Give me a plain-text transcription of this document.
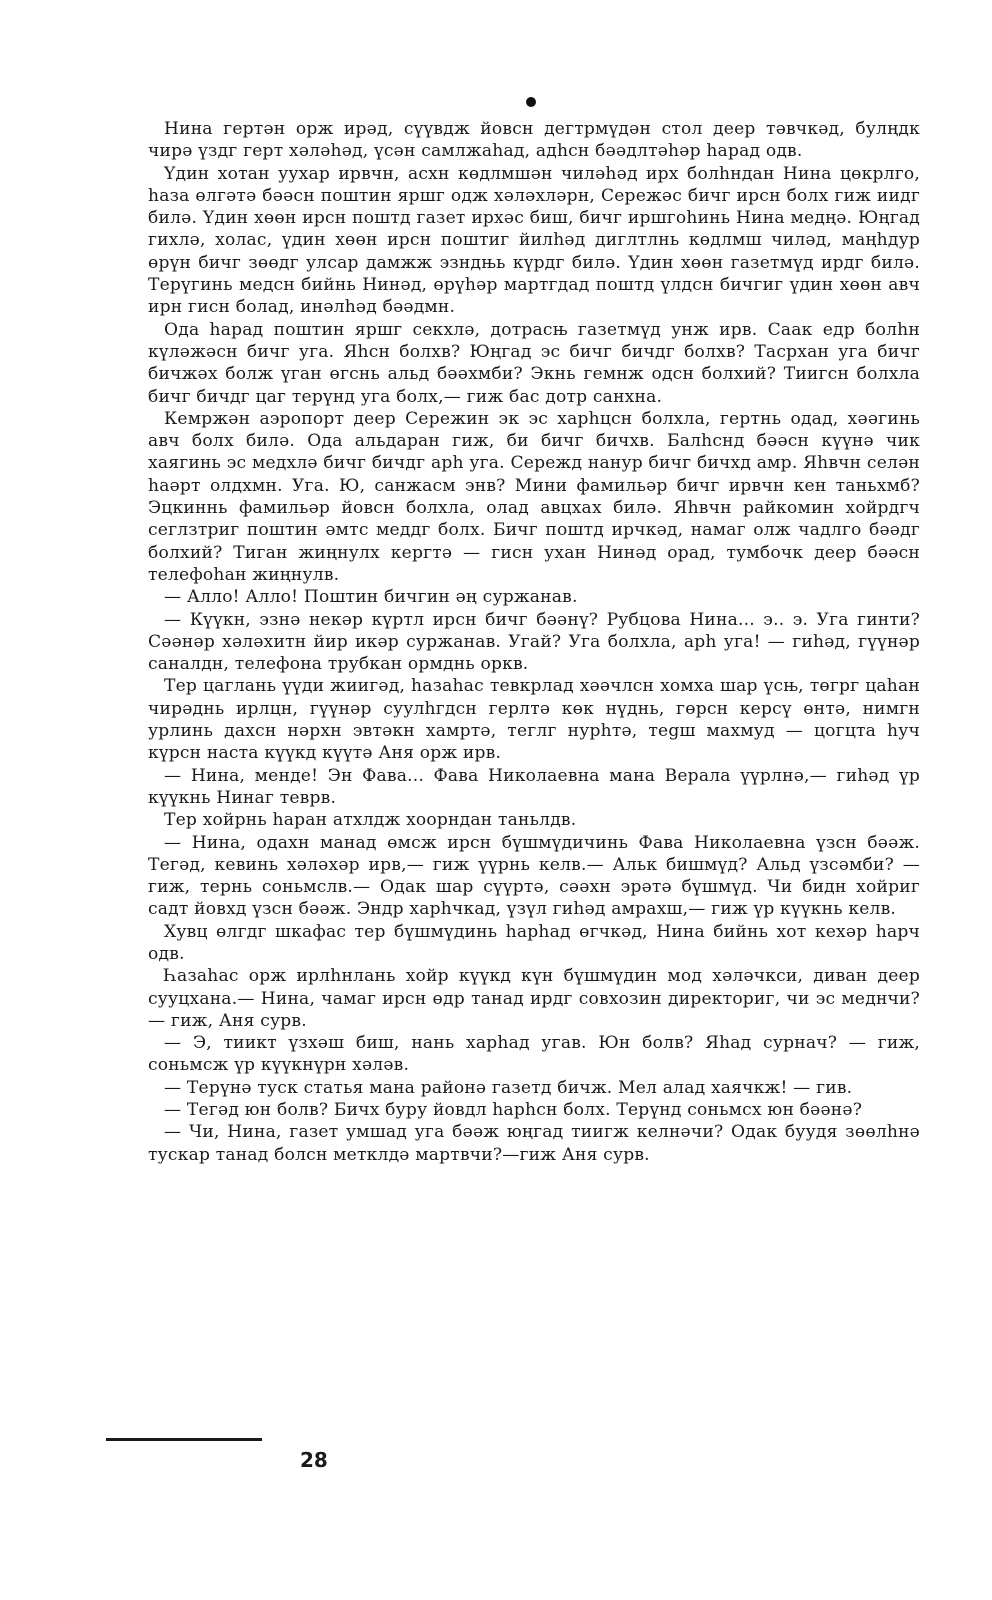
Нина гертән орж ирәд, сүүвдж йовсн дегтрмүдән стол деер тәвчкәд, булңдк чирә үздг герт хәләһәд, үсән самлжаһад, адһсн бәәдлтәһәр һарад одв.

Үдин хотан уухар ирвчн, асхн көдлмшән чиләһәд ирх болһндан Нина цөкрлго, һаза өлгәтә бәәсн поштин яршг одж хәләхләрн, Сережәс бичг ирсн болх гиж иидг билә. Үдин хөөн ирсн поштд газет ирхәс биш, бичг иршгоһинь Нина медңә. Юңгад гихлә, холас, үдин хөөн ирсн поштиг йилһәд диглтлнь көдлмш чиләд, маңһдур өрүн бичг зөөдг улсар дамжж эзндњь күрдг билә. Үдин хөөн газетмүд ирдг билә. Терүгинь медсн бийнь Нинәд, өрүһәр мартгдад поштд үлдсн бичгиг үдин хөөн авч ирн гисн болад, инәлһәд бәәдмн.

Ода һарад поштин яршг секхлә, дотрасњ газетмүд унж ирв. Саак едр болһн күләжәсн бичг уга. Яһсн болхв? Юңгад эс бичг бичдг болхв? Тасрхан уга бичг бичжәх болж үган өгснь альд бәәхмби? Экнь гемнж одсн болхий? Тиигсн болхла бичг бичдг цаг терүнд уга болх,— гиж бас дотр санхна.

Кемржән аэропорт деер Сережин эк эс харһцсн болхла, гертнь одад, хәәгинь авч болх билә. Ода альдаран гиж, би бичг бичхв. Балһснд бәәсн күүнә чик хаягинь эс медхлә бичг бичдг арһ уга. Сережд нанур бичг бичхд амр. Яһвчн селән һаәрт олдхмн. Уга. Ю, санжасм энв? Мини фамильәр бичг ирвчн кен таньхмб? Эцкиннь фамильәр йовсн болхла, олад авцхах билә. Яһвчн райкомин хойрдгч сеглзтриг поштин әмтс меддг болх. Бичг поштд ирчкәд, намаг олж чадлго бәәдг болхий? Тиган жиңнулх кергтә — гисн ухан Нинәд орад, тумбочк деер бәәсн телефоһан жиңнулв.

— Алло! Алло! Поштин бичгин әң суржанав.

— Күүкн, эзнә некәр күртл ирсн бичг бәәнү? Рубцова Нина... э.. э. Уга гинти? Сәәнәр хәләхитн йир икәр суржанав. Угай? Уга болхла, арһ уга! — гиһәд, гүүнәр саналдн, телефона трубкан ормднь оркв.

Тер цаглань үүди жиигәд, һазаһас тевкрлад хәәчлсн хомха шар үсњ, төгрг цаһан чирәднь ирлцн, гүүнәр суулһгдсн герлтә көк нүднь, гөрсн керсү өнтә, нимгн урлинь дахсн нәрхн эвтәкн хамртә, теглг нурһтә, теgш махмуд — цогцта һуч күрсн наста күүкд күүтә Аня орж ирв.

— Нина, менде! Эн Фава... Фава Николаевна мана Верала үүрлнә,— гиһәд үр күүкнь Нинаг теврв.

Тер хойрнь һаран атхлдж хоорндан таньлдв.

— Нина, одахн манад өмсж ирсн бүшмүдичинь Фава Николаевна үзсн бәәж. Тегәд, кевинь хәләхәр ирв,— гиж үүрнь келв.— Альк бишмүд? Альд үзсәмби? — гиж, тернь соньмслв.— Одак шар сүүртә, сәәхн эрәтә бүшмүд. Чи бидн хойриг садт йовхд үзсн бәәж. Эндр харһчкад, үзүл гиһәд амрахш,— гиж үр күүкнь келв.

Хувц өлгдг шкафас тер бүшмүдинь һарһад өгчкәд, Нина бийнь хот кехәр һарч одв.

Һазаһас орж ирлһнлань хойр күүкд күн бүшмүдин мод хәләчкси, диван деер сууцхана.— Нина, чамаг ирсн өдр танад ирдг совхозин директориг, чи эс меднчи? — гиж, Аня сурв.

— Э, тиикт үзхәш биш, нань харһад угав. Юн болв? Яһад сурнач? — гиж, соньмсж үр күүкнүрн хәләв.

— Терүнә туск статья мана районә газетд бичж. Мел алад хаячкж! — гив.

— Тегәд юн болв? Бичх буру йовдл һарһсн болх. Терүнд соньмсх юн бәәнә?

— Чи, Нина, газет умшад уга бәәж юңгад тиигж келнәчи? Одак буудя зөөлһнә тускар танад болсн метклдә мартвчи?—гиж Аня сурв.

28
